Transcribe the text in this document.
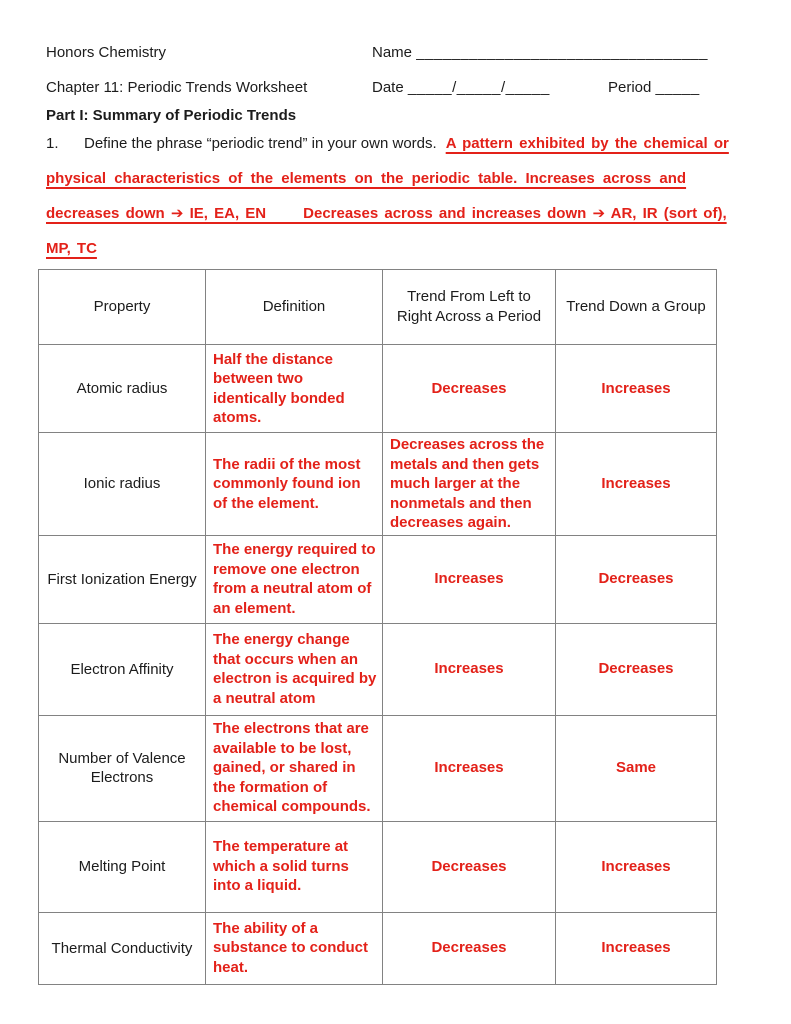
Honors Chemistry	Name _________________________________
Chapter 11: Periodic Trends Worksheet	Date _____/_____/_____	Period _____
Part I: Summary of Periodic Trends
1. Define the phrase “periodic trend” in your own words. A pattern exhibited by the chemical or
physical characteristics of the elements on the periodic table. Increases across and
decreases down ➔ IE, EA, EN      Decreases across and increases down ➔ AR, IR (sort of),
MP, TC
Property	Definition	Trend From Left to Right Across a Period	Trend Down a Group
Atomic radius	Half the distance between two identically bonded atoms.	Decreases	Increases
Ionic radius	The radii of the most commonly found ion of the element.	Decreases across the metals and then gets much larger at the nonmetals and then decreases again.	Increases
First Ionization Energy	The energy required to remove one electron from a neutral atom of an element.	Increases	Decreases
Electron Affinity	The energy change that occurs when an electron is acquired by a neutral atom	Increases	Decreases
Number of Valence Electrons	The electrons that are available to be lost, gained, or shared in the formation of chemical compounds.	Increases	Same
Melting Point	The temperature at which a solid turns into a liquid.	Decreases	Increases
Thermal Conductivity	The ability of a substance to conduct heat.	Decreases	Increases
